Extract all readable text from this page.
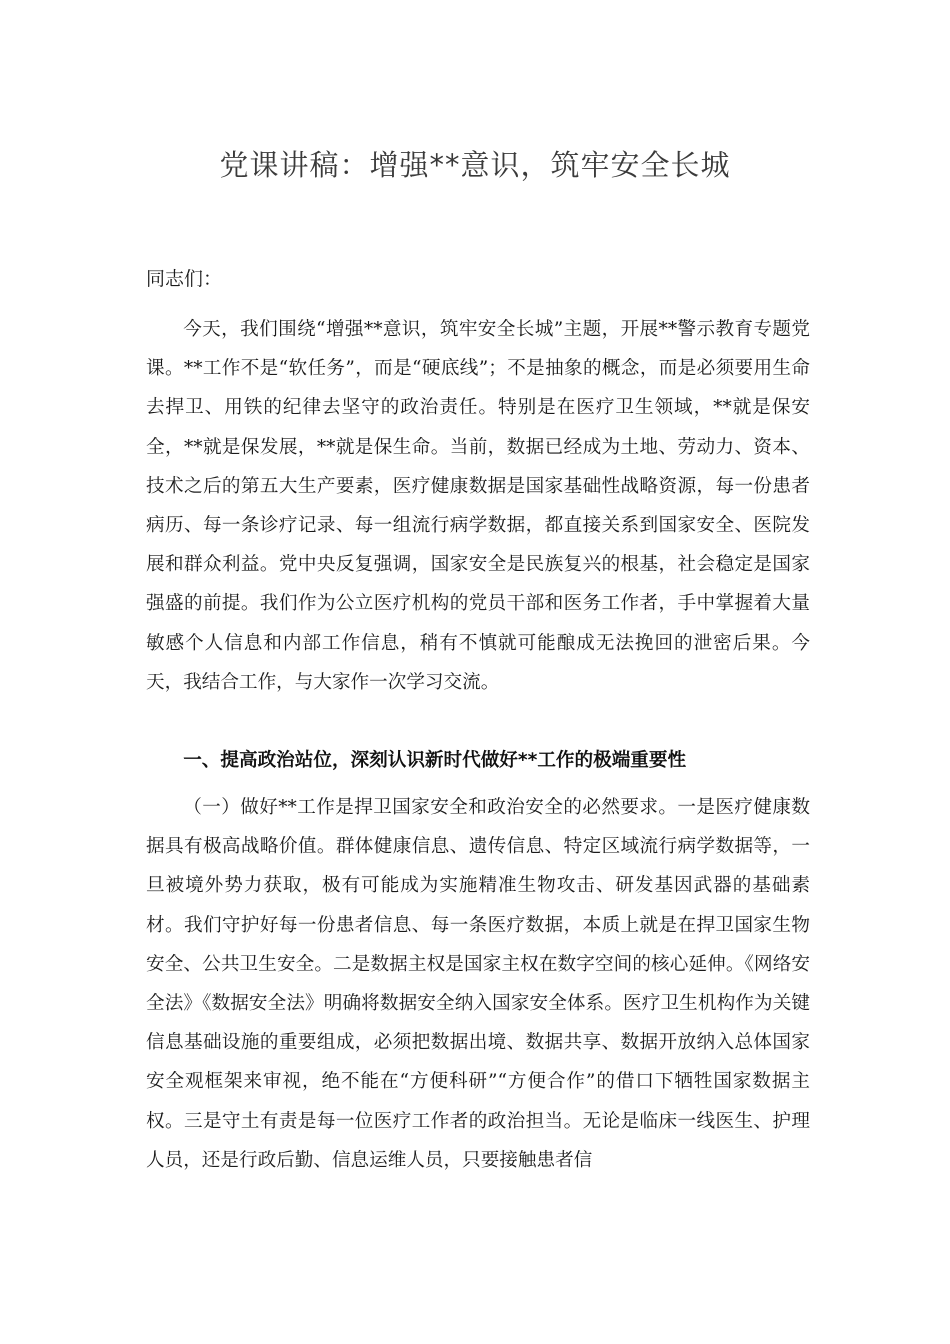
党课讲稿：增强**意识，筑牢安全长城
同志们：

今天，我们围绕“增强**意识，筑牢安全长城”主题，开展**警示教育专题党课。**工作不是“软任务”，而是“硬底线”；不是抽象的概念，而是必须要用生命去捍卫、用铁的纪律去坚守的政治责任。特别是在医疗卫生领域，**就是保安全，**就是保发展，**就是保生命。当前，数据已经成为土地、劳动力、资本、技术之后的第五大生产要素，医疗健康数据是国家基础性战略资源，每一份患者病历、每一条诊疗记录、每一组流行病学数据，都直接关系到国家安全、医院发展和群众利益。党中央反复强调，国家安全是民族复兴的根基，社会稳定是国家强盛的前提。我们作为公立医疗机构的党员干部和医务工作者，手中掌握着大量敏感个人信息和内部工作信息，稍有不慎就可能酿成无法挽回的泄密后果。今天，我结合工作，与大家作一次学习交流。

一、提高政治站位，深刻认识新时代做好**工作的极端重要性

（一）做好**工作是捍卫国家安全和政治安全的必然要求。一是医疗健康数据具有极高战略价值。群体健康信息、遗传信息、特定区域流行病学数据等，一旦被境外势力获取，极有可能成为实施精准生物攻击、研发基因武器的基础素材。我们守护好每一份患者信息、每一条医疗数据，本质上就是在捍卫国家生物安全、公共卫生安全。二是数据主权是国家主权在数字空间的核心延伸。《网络安全法》《数据安全法》明确将数据安全纳入国家安全体系。医疗卫生机构作为关键信息基础设施的重要组成，必须把数据出境、数据共享、数据开放纳入总体国家安全观框架来审视，绝不能在“方便科研”“方便合作”的借口下牺牲国家数据主权。三是守土有责是每一位医疗工作者的政治担当。无论是临床一线医生、护理人员，还是行政后勤、信息运维人员，只要接触患者信
